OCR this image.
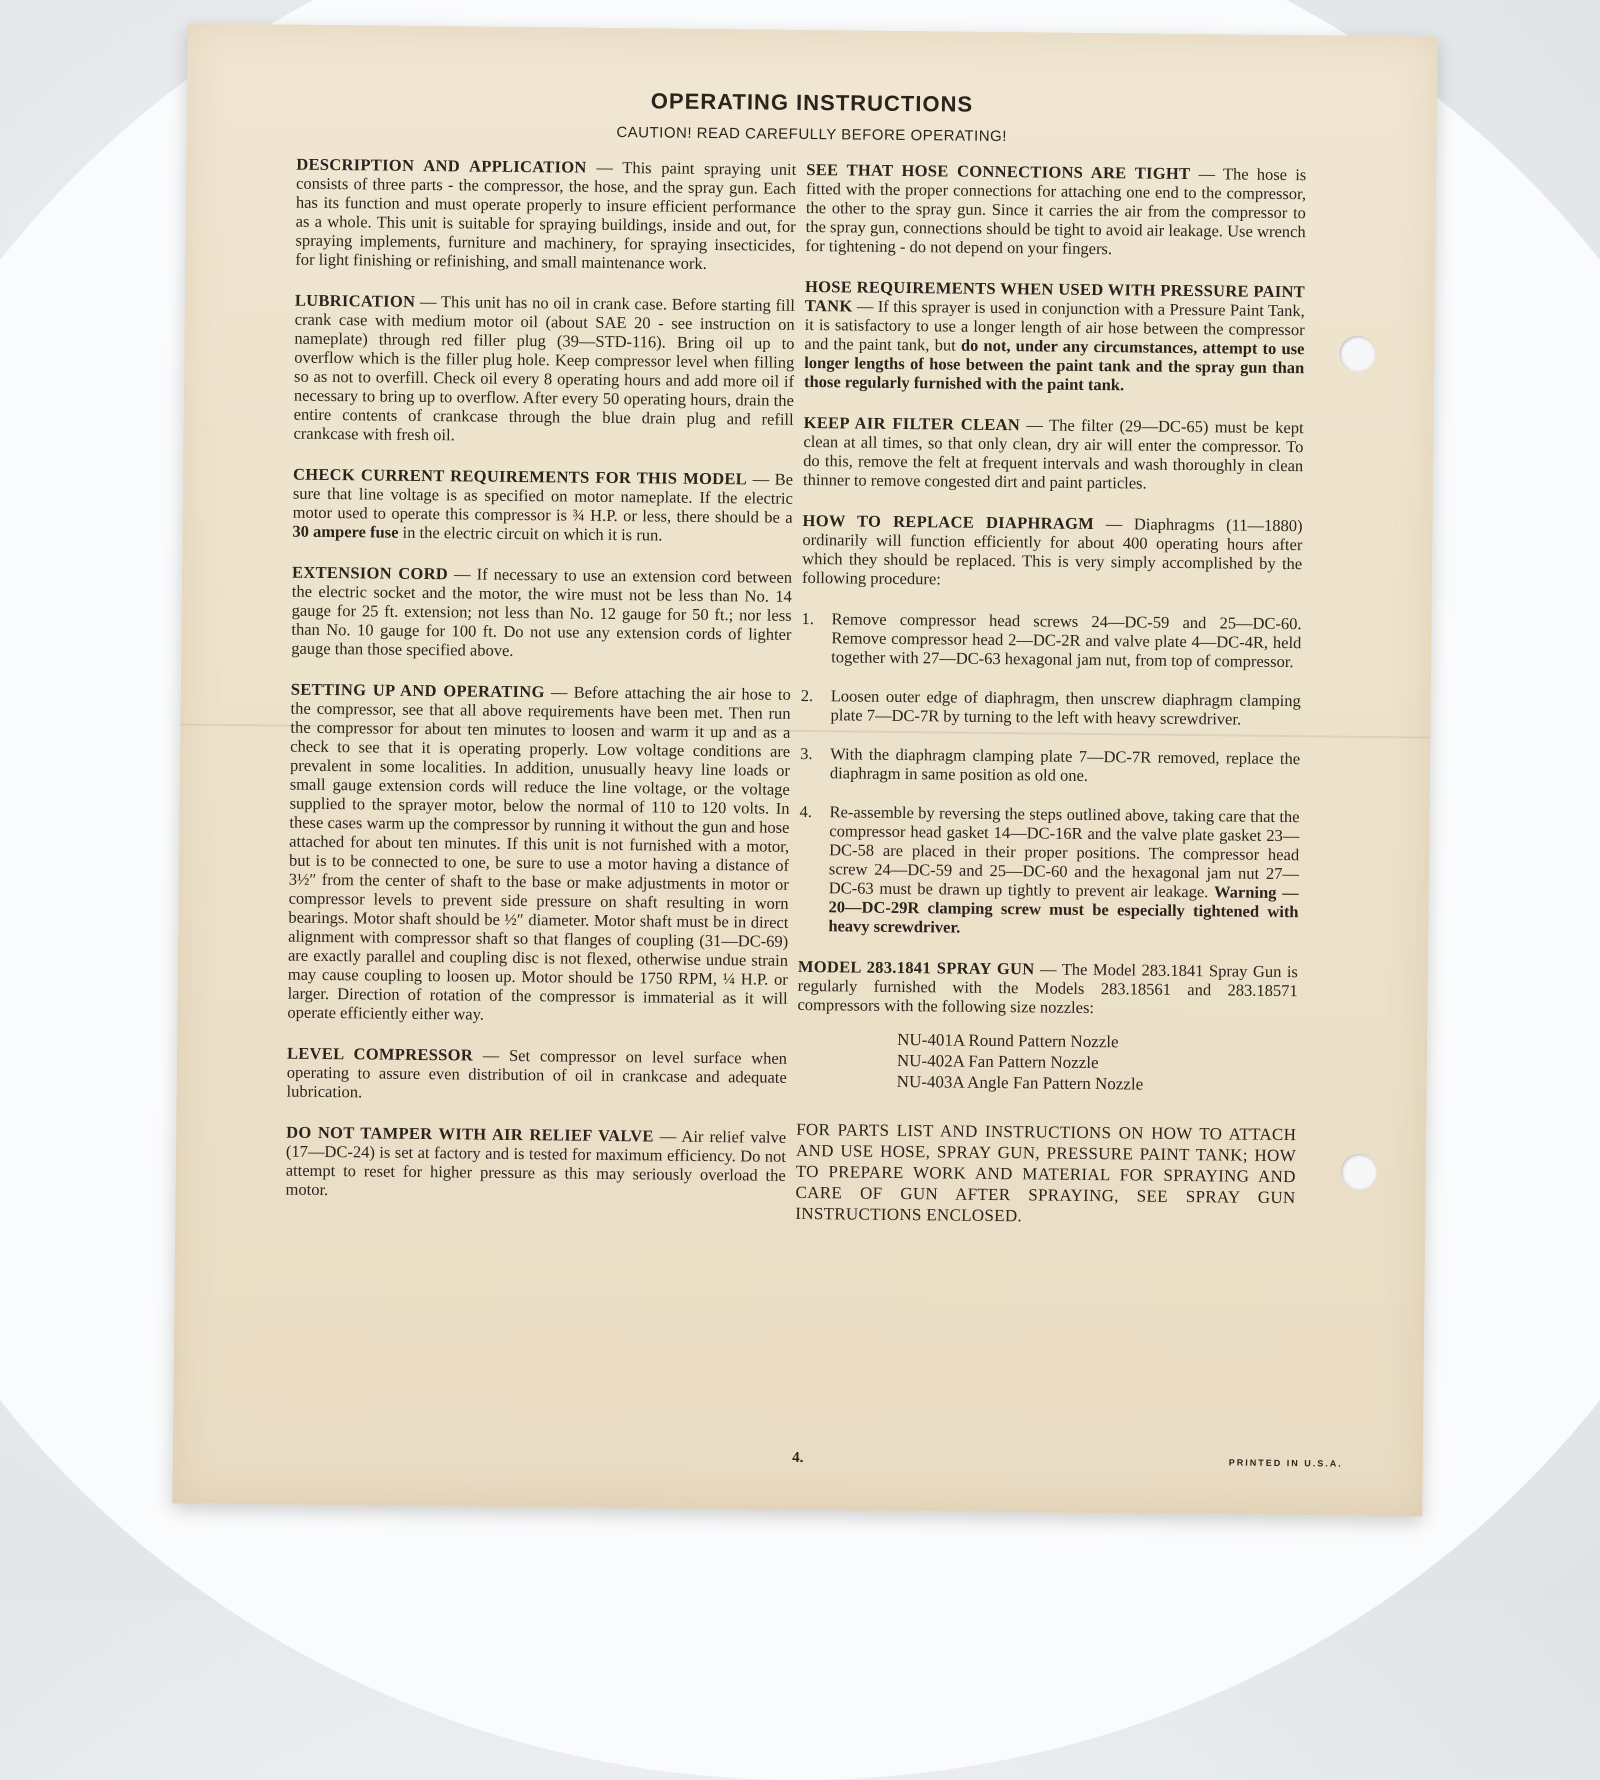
OPERATING INSTRUCTIONS
CAUTION! READ CAREFULLY BEFORE OPERATING!

DESCRIPTION AND APPLICATION — This paint spraying unit consists of three parts - the compressor, the hose, and the spray gun. Each has its function and must operate properly to insure efficient performance as a whole. This unit is suitable for spraying buildings, inside and out, for spraying implements, furniture and machinery, for spraying insecticides, for light finishing or refinishing, and small maintenance work.

LUBRICATION — This unit has no oil in crank case. Before starting fill crank case with medium motor oil (about SAE 20 - see instruction on nameplate) through red filler plug (39—STD-116). Bring oil up to overflow which is the filler plug hole. Keep compressor level when filling so as not to overfill. Check oil every 8 operating hours and add more oil if necessary to bring up to overflow. After every 50 operating hours, drain the entire contents of crankcase through the blue drain plug and refill crankcase with fresh oil.

CHECK CURRENT REQUIREMENTS FOR THIS MODEL — Be sure that line voltage is as specified on motor nameplate. If the electric motor used to operate this compressor is ¾ H.P. or less, there should be a 30 ampere fuse in the electric circuit on which it is run.

EXTENSION CORD — If necessary to use an extension cord between the electric socket and the motor, the wire must not be less than No. 14 gauge for 25 ft. extension; not less than No. 12 gauge for 50 ft.; nor less than No. 10 gauge for 100 ft. Do not use any extension cords of lighter gauge than those specified above.

SETTING UP AND OPERATING — Before attaching the air hose to the compressor, see that all above requirements have been met. Then run the compressor for about ten minutes to loosen and warm it up and as a check to see that it is operating properly. Low voltage conditions are prevalent in some localities. In addition, unusually heavy line loads or small gauge extension cords will reduce the line voltage, or the voltage supplied to the sprayer motor, below the normal of 110 to 120 volts. In these cases warm up the compressor by running it without the gun and hose attached for about ten minutes. If this unit is not furnished with a motor, but is to be connected to one, be sure to use a motor having a distance of 3½″ from the center of shaft to the base or make adjustments in motor or compressor levels to prevent side pressure on shaft resulting in worn bearings. Motor shaft should be ½″ diameter. Motor shaft must be in direct alignment with compressor shaft so that flanges of coupling (31—DC-69) are exactly parallel and coupling disc is not flexed, otherwise undue strain may cause coupling to loosen up. Motor should be 1750 RPM, ¼ H.P. or larger. Direction of rotation of the compressor is immaterial as it will operate efficiently either way.

LEVEL COMPRESSOR — Set compressor on level surface when operating to assure even distribution of oil in crankcase and adequate lubrication.

DO NOT TAMPER WITH AIR RELIEF VALVE — Air relief valve (17—DC-24) is set at factory and is tested for maximum efficiency. Do not attempt to reset for higher pressure as this may seriously overload the motor.

SEE THAT HOSE CONNECTIONS ARE TIGHT — The hose is fitted with the proper connections for attaching one end to the compressor, the other to the spray gun. Since it carries the air from the compressor to the spray gun, connections should be tight to avoid air leakage. Use wrench for tightening - do not depend on your fingers.

HOSE REQUIREMENTS WHEN USED WITH PRESSURE PAINT TANK — If this sprayer is used in conjunction with a Pressure Paint Tank, it is satisfactory to use a longer length of air hose between the compressor and the paint tank, but do not, under any circumstances, attempt to use longer lengths of hose between the paint tank and the spray gun than those regularly furnished with the paint tank.

KEEP AIR FILTER CLEAN — The filter (29—DC-65) must be kept clean at all times, so that only clean, dry air will enter the compressor. To do this, remove the felt at frequent intervals and wash thoroughly in clean thinner to remove congested dirt and paint particles.

HOW TO REPLACE DIAPHRAGM — Diaphragms (11—1880) ordinarily will function efficiently for about 400 operating hours after which they should be replaced. This is very simply accomplished by the following procedure:

1.	Remove compressor head screws 24—DC-59 and 25—DC-60. Remove compressor head 2—DC-2R and valve plate 4—DC-4R, held together with 27—DC-63 hexagonal jam nut, from top of compressor.
2.	Loosen outer edge of diaphragm, then unscrew diaphragm clamping plate 7—DC-7R by turning to the left with heavy screwdriver.
3.	With the diaphragm clamping plate 7—DC-7R removed, replace the diaphragm in same position as old one.
4.	Re-assemble by reversing the steps outlined above, taking care that the compressor head gasket 14—DC-16R and the valve plate gasket 23—DC-58 are placed in their proper positions. The compressor head screw 24—DC-59 and 25—DC-60 and the hexagonal jam nut 27—DC-63 must be drawn up tightly to prevent air leakage. Warning — 20—DC-29R clamping screw must be especially tightened with heavy screwdriver.

MODEL 283.1841 SPRAY GUN — The Model 283.1841 Spray Gun is regularly furnished with the Models 283.18561 and 283.18571 compressors with the following size nozzles:

NU-401A Round Pattern Nozzle
NU-402A Fan Pattern Nozzle
NU-403A Angle Fan Pattern Nozzle

FOR PARTS LIST AND INSTRUCTIONS ON HOW TO ATTACH AND USE HOSE, SPRAY GUN, PRESSURE PAINT TANK; HOW TO PREPARE WORK AND MATERIAL FOR SPRAYING AND CARE OF GUN AFTER SPRAYING, SEE SPRAY GUN INSTRUCTIONS ENCLOSED.

4.	PRINTED IN U.S.A.
